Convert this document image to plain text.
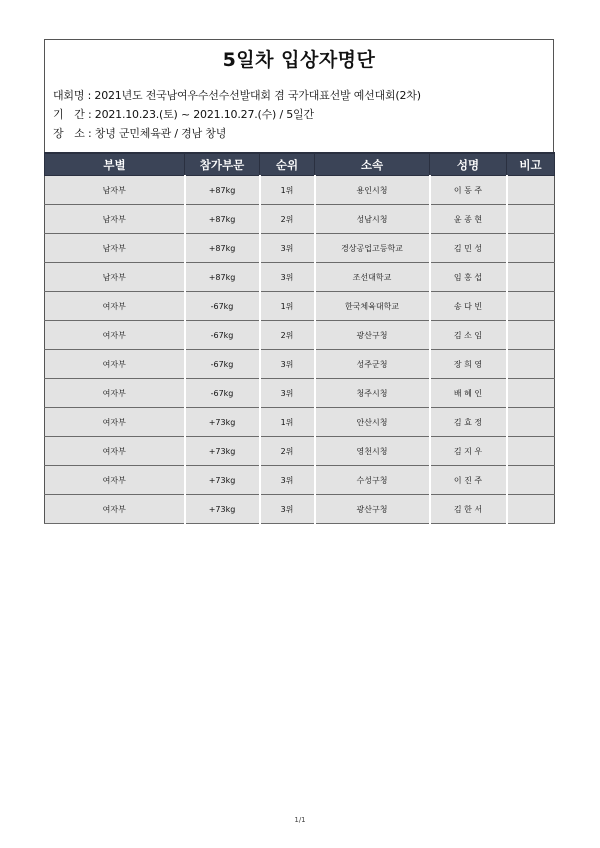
5일차 입상자명단
대회명 : 2021년도 전국남여우수선수선발대회 겸 국가대표선발 예선대회(2차)
기　간 : 2021.10.23.(토) ~ 2021.10.27.(수) / 5일간
장　소 : 창녕 군민체육관 / 경남 창녕
부별	참가부문	순위	소속	성명	비고
남자부	+87kg	1위	용인시청	이 동 주	
남자부	+87kg	2위	성남시청	윤 종 현	
남자부	+87kg	3위	경상공업고등학교	김 민 성	
남자부	+87kg	3위	조선대학교	임 홍 섭	
여자부	-67kg	1위	한국체육대학교	송 다 빈	
여자부	-67kg	2위	광산구청	김 소 임	
여자부	-67kg	3위	성주군청	장 희 영	
여자부	-67kg	3위	청주시청	배 혜 인	
여자부	+73kg	1위	안산시청	김 효 정	
여자부	+73kg	2위	영천시청	김 지 우	
여자부	+73kg	3위	수성구청	이 진 주	
여자부	+73kg	3위	광산구청	김 한 서	
1/1
